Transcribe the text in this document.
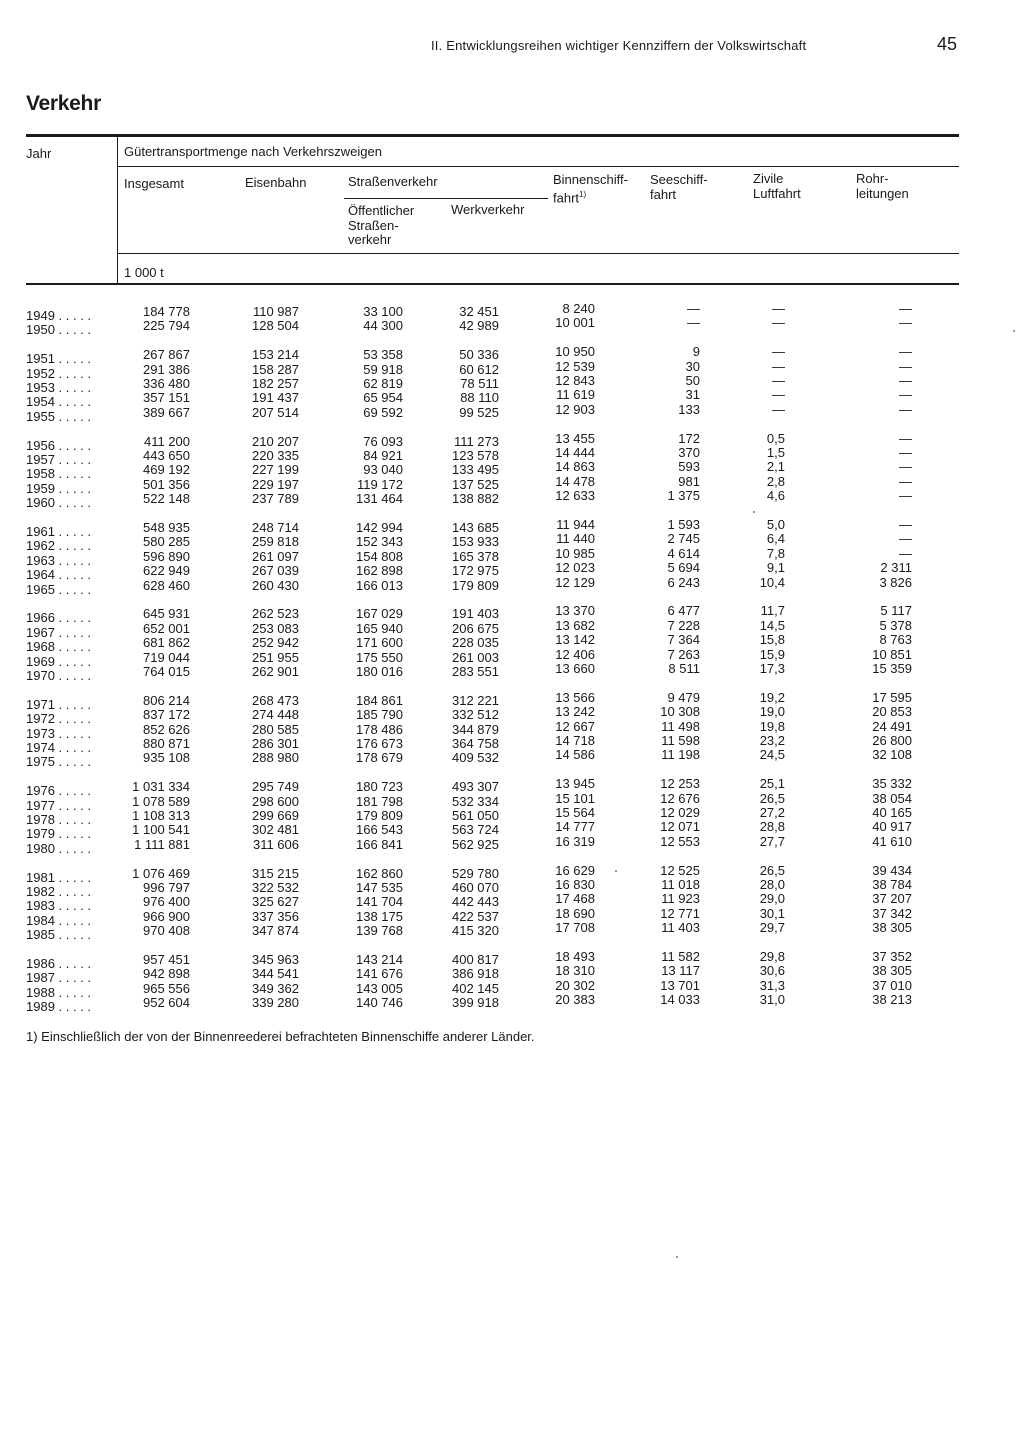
II. Entwicklungsreihen wichtiger Kennziffern der Volkswirtschaft	45
Verkehr
Jahr	Gütertransportmenge nach Verkehrszweigen
Insgesamt	Eisenbahn	Straßenverkehr
Öffentlicher
Straßen-
verkehr
Werkverkehr
Binnenschiff-
fahrt$^{1)}$
Seeschiff-
fahrt
Zivile
Luftfahrt
Rohr-
leitungen
1 000 t
1949 . . . . .	184 778	110 987	33 100	32 451	8 240	—	—	—
1950 . . . . .	225 794	128 504	44 300	42 989	10 001	—	—	—
1951 . . . . .	267 867	153 214	53 358	50 336	10 950	9	—	—
1952 . . . . .	291 386	158 287	59 918	60 612	12 539	30	—	—
1953 . . . . .	336 480	182 257	62 819	78 511	12 843	50	—	—
1954 . . . . .	357 151	191 437	65 954	88 110	11 619	31	—	—
1955 . . . . .	389 667	207 514	69 592	99 525	12 903	133	—	—
1956 . . . . .	411 200	210 207	76 093	111 273	13 455	172	0,5	—
1957 . . . . .	443 650	220 335	84 921	123 578	14 444	370	1,5	—
1958 . . . . .	469 192	227 199	93 040	133 495	14 863	593	2,1	—
1959 . . . . .	501 356	229 197	119 172	137 525	14 478	981	2,8	—
1960 . . . . .	522 148	237 789	131 464	138 882	12 633	1 375	4,6	—
1961 . . . . .	548 935	248 714	142 994	143 685	11 944	1 593	5,0	—
1962 . . . . .	580 285	259 818	152 343	153 933	11 440	2 745	6,4	—
1963 . . . . .	596 890	261 097	154 808	165 378	10 985	4 614	7,8	—
1964 . . . . .	622 949	267 039	162 898	172 975	12 023	5 694	9,1	2 311
1965 . . . . .	628 460	260 430	166 013	179 809	12 129	6 243	10,4	3 826
1966 . . . . .	645 931	262 523	167 029	191 403	13 370	6 477	11,7	5 117
1967 . . . . .	652 001	253 083	165 940	206 675	13 682	7 228	14,5	5 378
1968 . . . . .	681 862	252 942	171 600	228 035	13 142	7 364	15,8	8 763
1969 . . . . .	719 044	251 955	175 550	261 003	12 406	7 263	15,9	10 851
1970 . . . . .	764 015	262 901	180 016	283 551	13 660	8 511	17,3	15 359
1971 . . . . .	806 214	268 473	184 861	312 221	13 566	9 479	19,2	17 595
1972 . . . . .	837 172	274 448	185 790	332 512	13 242	10 308	19,0	20 853
1973 . . . . .	852 626	280 585	178 486	344 879	12 667	11 498	19,8	24 491
1974 . . . . .	880 871	286 301	176 673	364 758	14 718	11 598	23,2	26 800
1975 . . . . .	935 108	288 980	178 679	409 532	14 586	11 198	24,5	32 108
1976 . . . . .	1 031 334	295 749	180 723	493 307	13 945	12 253	25,1	35 332
1977 . . . . .	1 078 589	298 600	181 798	532 334	15 101	12 676	26,5	38 054
1978 . . . . .	1 108 313	299 669	179 809	561 050	15 564	12 029	27,2	40 165
1979 . . . . .	1 100 541	302 481	166 543	563 724	14 777	12 071	28,8	40 917
1980 . . . . .	1 111 881	311 606	166 841	562 925	16 319	12 553	27,7	41 610
1981 . . . . .	1 076 469	315 215	162 860	529 780	16 629	12 525	26,5	39 434
1982 . . . . .	996 797	322 532	147 535	460 070	16 830	11 018	28,0	38 784
1983 . . . . .	976 400	325 627	141 704	442 443	17 468	11 923	29,0	37 207
1984 . . . . .	966 900	337 356	138 175	422 537	18 690	12 771	30,1	37 342
1985 . . . . .	970 408	347 874	139 768	415 320	17 708	11 403	29,7	38 305
1986 . . . . .	957 451	345 963	143 214	400 817	18 493	11 582	29,8	37 352
1987 . . . . .	942 898	344 541	141 676	386 918	18 310	13 117	30,6	38 305
1988 . . . . .	965 556	349 362	143 005	402 145	20 302	13 701	31,3	37 010
1989 . . . . .	952 604	339 280	140 746	399 918	20 383	14 033	31,0	38 213
1) Einschließlich der von der Binnenreederei befrachteten Binnenschiffe anderer Länder.
